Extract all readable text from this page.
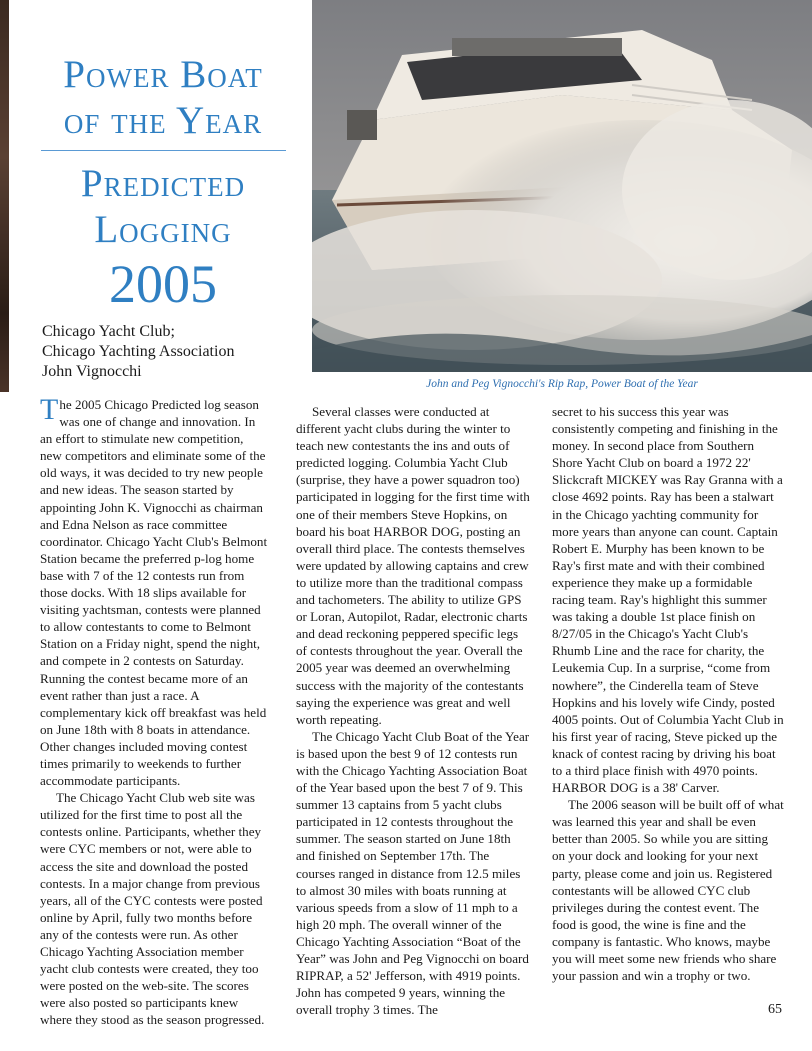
Power Boat
of the Year
Predicted
Logging
2005
Chicago Yacht Club;
Chicago Yachting Association
John Vignocchi
John and Peg Vignocchi's Rip Rap, Power Boat of the Year

The 2005 Chicago Predicted log season was one of change and innovation. In an effort to stimulate new competition, new competitors and eliminate some of the old ways, it was decided to try new people and new ideas. The season started by appointing John K. Vignocchi as chairman and Edna Nelson as race committee coordinator. Chicago Yacht Club's Belmont Station became the preferred p-log home base with 7 of the 12 contests run from those docks. With 18 slips available for visiting yachtsman, contests were planned to allow contestants to come to Belmont Station on a Friday night, spend the night, and compete in 2 contests on Saturday. Running the contest became more of an event rather than just a race. A complementary kick off breakfast was held on June 18th with 8 boats in attendance. Other changes included moving contest times primarily to weekends to further accommodate participants.

The Chicago Yacht Club web site was utilized for the first time to post all the contests online. Participants, whether they were CYC members or not, were able to access the site and download the posted contests. In a major change from previous years, all of the CYC contests were posted online by April, fully two months before any of the contests were run. As other Chicago Yachting Association member yacht club contests were created, they too were posted on the web-site. The scores were also posted so participants knew where they stood as the season progressed.

Several classes were conducted at different yacht clubs during the winter to teach new contestants the ins and outs of predicted logging. Columbia Yacht Club (surprise, they have a power squadron too) participated in logging for the first time with one of their members Steve Hopkins, on board his boat HARBOR DOG, posting an overall third place. The contests themselves were updated by allowing captains and crew to utilize more than the traditional compass and tachometers. The ability to utilize GPS or Loran, Autopilot, Radar, electronic charts and dead reckoning peppered specific legs of contests throughout the year. Overall the 2005 year was deemed an overwhelming success with the majority of the contestants saying the experience was great and well worth repeating.

The Chicago Yacht Club Boat of the Year is based upon the best 9 of 12 contests run with the Chicago Yachting Association Boat of the Year based upon the best 7 of 9. This summer 13 captains from 5 yacht clubs participated in 12 contests throughout the summer. The season started on June 18th and finished on September 17th. The courses ranged in distance from 12.5 miles to almost 30 miles with boats running at various speeds from a slow of 11 mph to a high 20 mph. The overall winner of the Chicago Yachting Association “Boat of the Year” was John and Peg Vignocchi on board RIPRAP, a 52' Jefferson, with 4919 points. John has competed 9 years, winning the overall trophy 3 times. The

secret to his success this year was consistently competing and finishing in the money. In second place from Southern Shore Yacht Club on board a 1972 22' Slickcraft MICKEY was Ray Granna with a close 4692 points. Ray has been a stalwart in the Chicago yachting community for more years than anyone can count. Captain Robert E. Murphy has been known to be Ray's first mate and with their combined experience they make up a formidable racing team. Ray's highlight this summer was taking a double 1st place finish on 8/27/05 in the Chicago's Yacht Club's Rhumb Line and the race for charity, the Leukemia Cup. In a surprise, “come from nowhere”, the Cinderella team of Steve Hopkins and his lovely wife Cindy, posted 4005 points. Out of Columbia Yacht Club in his first year of racing, Steve picked up the knack of contest racing by driving his boat to a third place finish with 4970 points. HARBOR DOG is a 38' Carver.

The 2006 season will be built off of what was learned this year and shall be even better than 2005. So while you are sitting on your dock and looking for your next party, please come and join us. Registered contestants will be allowed CYC club privileges during the contest event. The food is good, the wine is fine and the company is fantastic. Who knows, maybe you will meet some new friends who share your passion and win a trophy or two.

65
